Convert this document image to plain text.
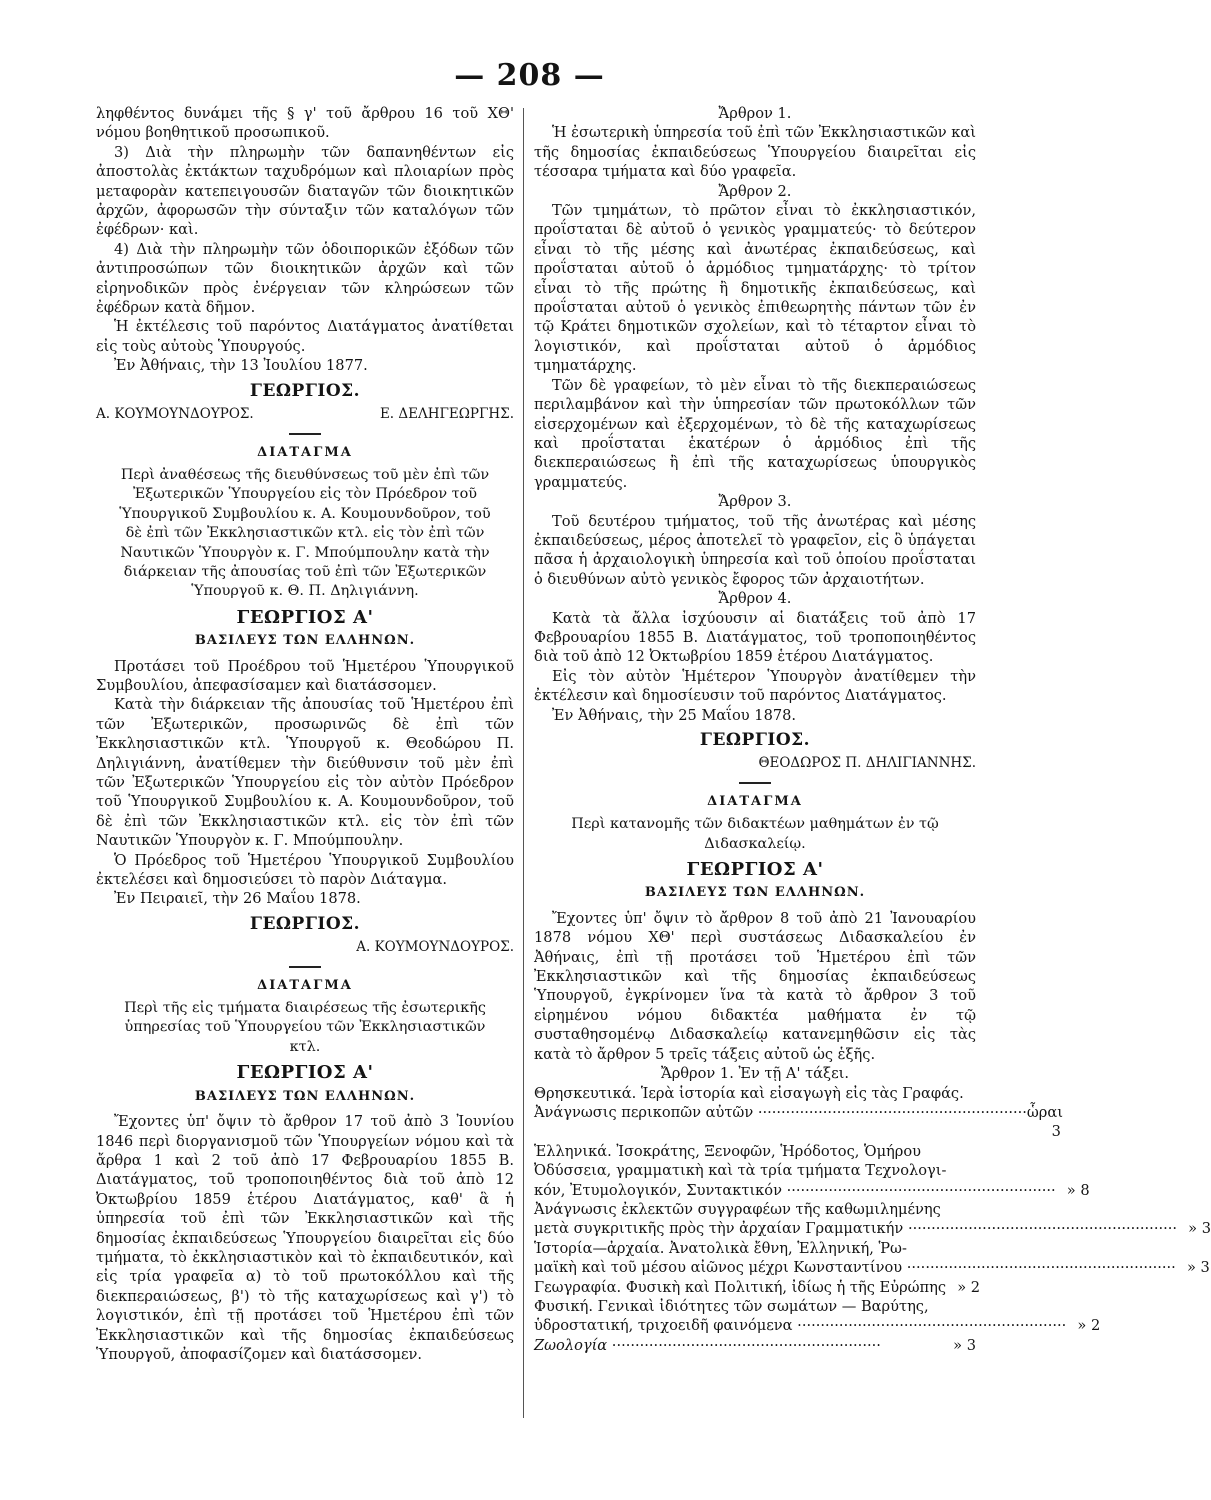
— 208 —

ληφθέντος δυνάμει τῆς § γ' τοῦ ἄρθρου 16 τοῦ ΧΘ' νόμου βοηθητικοῦ προσωπικοῦ.

3) Διὰ τὴν πληρωμὴν τῶν δαπανηθέντων εἰς ἀποστολὰς ἐκτάκτων ταχυδρόμων καὶ πλοιαρίων πρὸς μεταφορὰν κατεπειγουσῶν διαταγῶν τῶν διοικητικῶν ἀρχῶν, ἀφορωσῶν τὴν σύνταξιν τῶν καταλόγων τῶν ἐφέδρων· καὶ.

4) Διὰ τὴν πληρωμὴν τῶν ὁδοιπορικῶν ἐξόδων τῶν ἀντιπροσώπων τῶν διοικητικῶν ἀρχῶν καὶ τῶν εἰρηνοδικῶν πρὸς ἐνέργειαν τῶν κληρώσεων τῶν ἐφέδρων κατὰ δῆμον.

Ἡ ἐκτέλεσις τοῦ παρόντος Διατάγματος ἀνατίθεται εἰς τοὺς αὐτοὺς Ὑπουργούς.

Ἐν Ἀθήναις, τὴν 13 Ἰουλίου 1877.

ΓΕΩΡΓΙΟΣ.
Α. ΚΟΥΜΟΥΝΔΟΥΡΟΣ.	Ε. ΔΕΛΗΓΕΩΡΓΗΣ.
ΔΙΑΤΑΓΜΑ
Περὶ ἀναθέσεως τῆς διευθύνσεως τοῦ μὲν ἐπὶ τῶν Ἐξωτερικῶν Ὑπουργείου εἰς τὸν Πρόεδρον τοῦ Ὑπουργικοῦ Συμβουλίου κ. Α. Κουμουνδοῦρον, τοῦ δὲ ἐπὶ τῶν Ἐκκλησιαστικῶν κτλ. εἰς τὸν ἐπὶ τῶν Ναυτικῶν Ὑπουργὸν κ. Γ. Μπούμπουλην κατὰ τὴν διάρκειαν τῆς ἀπουσίας τοῦ ἐπὶ τῶν Ἐξωτερικῶν Ὑπουργοῦ κ. Θ. Π. Δηλιγιάννη.
ΓΕΩΡΓΙΟΣ Α'
ΒΑΣΙΛΕΥΣ ΤΩΝ ΕΛΛΗΝΩΝ.

Προτάσει τοῦ Προέδρου τοῦ Ἡμετέρου Ὑπουργικοῦ Συμβουλίου, ἀπεφασίσαμεν καὶ διατάσσομεν.

Κατὰ τὴν διάρκειαν τῆς ἀπουσίας τοῦ Ἡμετέρου ἐπὶ τῶν Ἐξωτερικῶν, προσωρινῶς δὲ ἐπὶ τῶν Ἐκκλησιαστικῶν κτλ. Ὑπουργοῦ κ. Θεοδώρου Π. Δηλιγιάννη, ἀνατίθεμεν τὴν διεύθυνσιν τοῦ μὲν ἐπὶ τῶν Ἐξωτερικῶν Ὑπουργείου εἰς τὸν αὐτὸν Πρόεδρον τοῦ Ὑπουργικοῦ Συμβουλίου κ. Α. Κουμουνδοῦρον, τοῦ δὲ ἐπὶ τῶν Ἐκκλησιαστικῶν κτλ. εἰς τὸν ἐπὶ τῶν Ναυτικῶν Ὑπουργὸν κ. Γ. Μπούμπουλην.

Ὁ Πρόεδρος τοῦ Ἡμετέρου Ὑπουργικοῦ Συμβουλίου ἐκτελέσει καὶ δημοσιεύσει τὸ παρὸν Διάταγμα.

Ἐν Πειραιεῖ, τὴν 26 Μαΐου 1878.

ΓΕΩΡΓΙΟΣ.
Α. ΚΟΥΜΟΥΝΔΟΥΡΟΣ.
ΔΙΑΤΑΓΜΑ
Περὶ τῆς εἰς τμήματα διαιρέσεως τῆς ἐσωτερικῆς ὑπηρεσίας τοῦ Ὑπουργείου τῶν Ἐκκλησιαστικῶν κτλ.
ΓΕΩΡΓΙΟΣ Α'
ΒΑΣΙΛΕΥΣ ΤΩΝ ΕΛΛΗΝΩΝ.

Ἔχοντες ὑπ' ὄψιν τὸ ἄρθρον 17 τοῦ ἀπὸ 3 Ἰουνίου 1846 περὶ διοργανισμοῦ τῶν Ὑπουργείων νόμου καὶ τὰ ἄρθρα 1 καὶ 2 τοῦ ἀπὸ 17 Φεβρουαρίου 1855 Β. Διατάγματος, τοῦ τροποποιηθέντος διὰ τοῦ ἀπὸ 12 Ὀκτωβρίου 1859 ἑτέρου Διατάγματος, καθ' ἃ ἡ ὑπηρεσία τοῦ ἐπὶ τῶν Ἐκκλησιαστικῶν καὶ τῆς δημοσίας ἐκπαιδεύσεως Ὑπουργείου διαιρεῖται εἰς δύο τμήματα, τὸ ἐκκλησιαστικὸν καὶ τὸ ἐκπαιδευτικόν, καὶ εἰς τρία γραφεῖα α) τὸ τοῦ πρωτοκόλλου καὶ τῆς διεκπεραιώσεως, β') τὸ τῆς καταχωρίσεως καὶ γ') τὸ λογιστικόν, ἐπὶ τῇ προτάσει τοῦ Ἡμετέρου ἐπὶ τῶν Ἐκκλησιαστικῶν καὶ τῆς δημοσίας ἐκπαιδεύσεως Ὑπουργοῦ, ἀποφασίζομεν καὶ διατάσσομεν.

Ἄρθρον 1.

Ἡ ἐσωτερικὴ ὑπηρεσία τοῦ ἐπὶ τῶν Ἐκκλησιαστικῶν καὶ τῆς δημοσίας ἐκπαιδεύσεως Ὑπουργείου διαιρεῖται εἰς τέσσαρα τμήματα καὶ δύο γραφεῖα.

Ἄρθρον 2.

Τῶν τμημάτων, τὸ πρῶτον εἶναι τὸ ἐκκλησιαστικόν, προΐσταται δὲ αὐτοῦ ὁ γενικὸς γραμματεύς· τὸ δεύτερον εἶναι τὸ τῆς μέσης καὶ ἀνωτέρας ἐκπαιδεύσεως, καὶ προΐσταται αὐτοῦ ὁ ἁρμόδιος τμηματάρχης· τὸ τρίτον εἶναι τὸ τῆς πρώτης ἢ δημοτικῆς ἐκπαιδεύσεως, καὶ προΐσταται αὐτοῦ ὁ γενικὸς ἐπιθεωρητὴς πάντων τῶν ἐν τῷ Κράτει δημοτικῶν σχολείων, καὶ τὸ τέταρτον εἶναι τὸ λογιστικόν, καὶ προΐσταται αὐτοῦ ὁ ἁρμόδιος τμηματάρχης.

Τῶν δὲ γραφείων, τὸ μὲν εἶναι τὸ τῆς διεκπεραιώσεως περιλαμβάνον καὶ τὴν ὑπηρεσίαν τῶν πρωτοκόλλων τῶν εἰσερχομένων καὶ ἐξερχομένων, τὸ δὲ τῆς καταχωρίσεως καὶ προΐσταται ἑκατέρων ὁ ἁρμόδιος ἐπὶ τῆς διεκπεραιώσεως ἢ ἐπὶ τῆς καταχωρίσεως ὑπουργικὸς γραμματεύς.

Ἄρθρον 3.

Τοῦ δευτέρου τμήματος, τοῦ τῆς ἀνωτέρας καὶ μέσης ἐκπαιδεύσεως, μέρος ἀποτελεῖ τὸ γραφεῖον, εἰς ὃ ὑπάγεται πᾶσα ἡ ἀρχαιολογικὴ ὑπηρεσία καὶ τοῦ ὁποίου προΐσταται ὁ διευθύνων αὐτὸ γενικὸς ἔφορος τῶν ἀρχαιοτήτων.

Ἄρθρον 4.

Κατὰ τὰ ἄλλα ἰσχύουσιν αἱ διατάξεις τοῦ ἀπὸ 17 Φεβρουαρίου 1855 Β. Διατάγματος, τοῦ τροποποιηθέντος διὰ τοῦ ἀπὸ 12 Ὀκτωβρίου 1859 ἑτέρου Διατάγματος.

Εἰς τὸν αὐτὸν Ἡμέτερον Ὑπουργὸν ἀνατίθεμεν τὴν ἐκτέλεσιν καὶ δημοσίευσιν τοῦ παρόντος Διατάγματος.

Ἐν Ἀθήναις, τὴν 25 Μαΐου 1878.

ΓΕΩΡΓΙΟΣ.
ΘΕΟΔΩΡΟΣ Π. ΔΗΛΙΓΙΑΝΝΗΣ.
ΔΙΑΤΑΓΜΑ
Περὶ κατανομῆς τῶν διδακτέων μαθημάτων ἐν τῷ Διδασκαλείῳ.
ΓΕΩΡΓΙΟΣ Α'
ΒΑΣΙΛΕΥΣ ΤΩΝ ΕΛΛΗΝΩΝ.

Ἔχοντες ὑπ' ὄψιν τὸ ἄρθρον 8 τοῦ ἀπὸ 21 Ἰανουαρίου 1878 νόμου ΧΘ' περὶ συστάσεως Διδασκαλείου ἐν Ἀθήναις, ἐπὶ τῇ προτάσει τοῦ Ἡμετέρου ἐπὶ τῶν Ἐκκλησιαστικῶν καὶ τῆς δημοσίας ἐκπαιδεύσεως Ὑπουργοῦ, ἐγκρίνομεν ἵνα τὰ κατὰ τὸ ἄρθρον 3 τοῦ εἰρημένου νόμου διδακτέα μαθήματα ἐν τῷ συσταθησομένῳ Διδασκαλείῳ κατανεμηθῶσιν εἰς τὰς κατὰ τὸ ἄρθρον 5 τρεῖς τάξεις αὐτοῦ ὡς ἑξῆς.

Ἄρθρον 1. Ἐν τῇ Α' τάξει.
Θρησκευτικά. Ἱερὰ ἱστορία καὶ εἰσαγωγὴ εἰς τὰς Γραφάς.
Ἀνάγνωσις περικοπῶν αὐτῶν ·························································· ὧραι 3
Ἑλληνικά. Ἰσοκράτης, Ξενοφῶν, Ἡρόδοτος, Ὁμήρου
Ὀδύσσεια, γραμματικὴ καὶ τὰ τρία τμήματα Τεχνολογι-
κόν, Ἐτυμολογικόν, Συντακτικόν ·························································· » 8
Ἀνάγνωσις ἐκλεκτῶν συγγραφέων τῆς καθωμιλημένης
μετὰ συγκριτικῆς πρὸς τὴν ἀρχαίαν Γραμματικήν ·························································· » 3
Ἱστορία—ἀρχαία. Ἀνατολικὰ ἔθνη, Ἑλληνική, Ῥω-
μαϊκὴ καὶ τοῦ μέσου αἰῶνος μέχρι Κωνσταντίνου ·························································· » 3
Γεωγραφία. Φυσικὴ καὶ Πολιτική, ἰδίως ἡ τῆς Εὐρώπης » 2
Φυσική. Γενικαὶ ἰδιότητες τῶν σωμάτων — Βαρύτης,
ὑδροστατική, τριχοειδῆ φαινόμενα ·························································· » 2
Ζωολογία ··························································	» 3
